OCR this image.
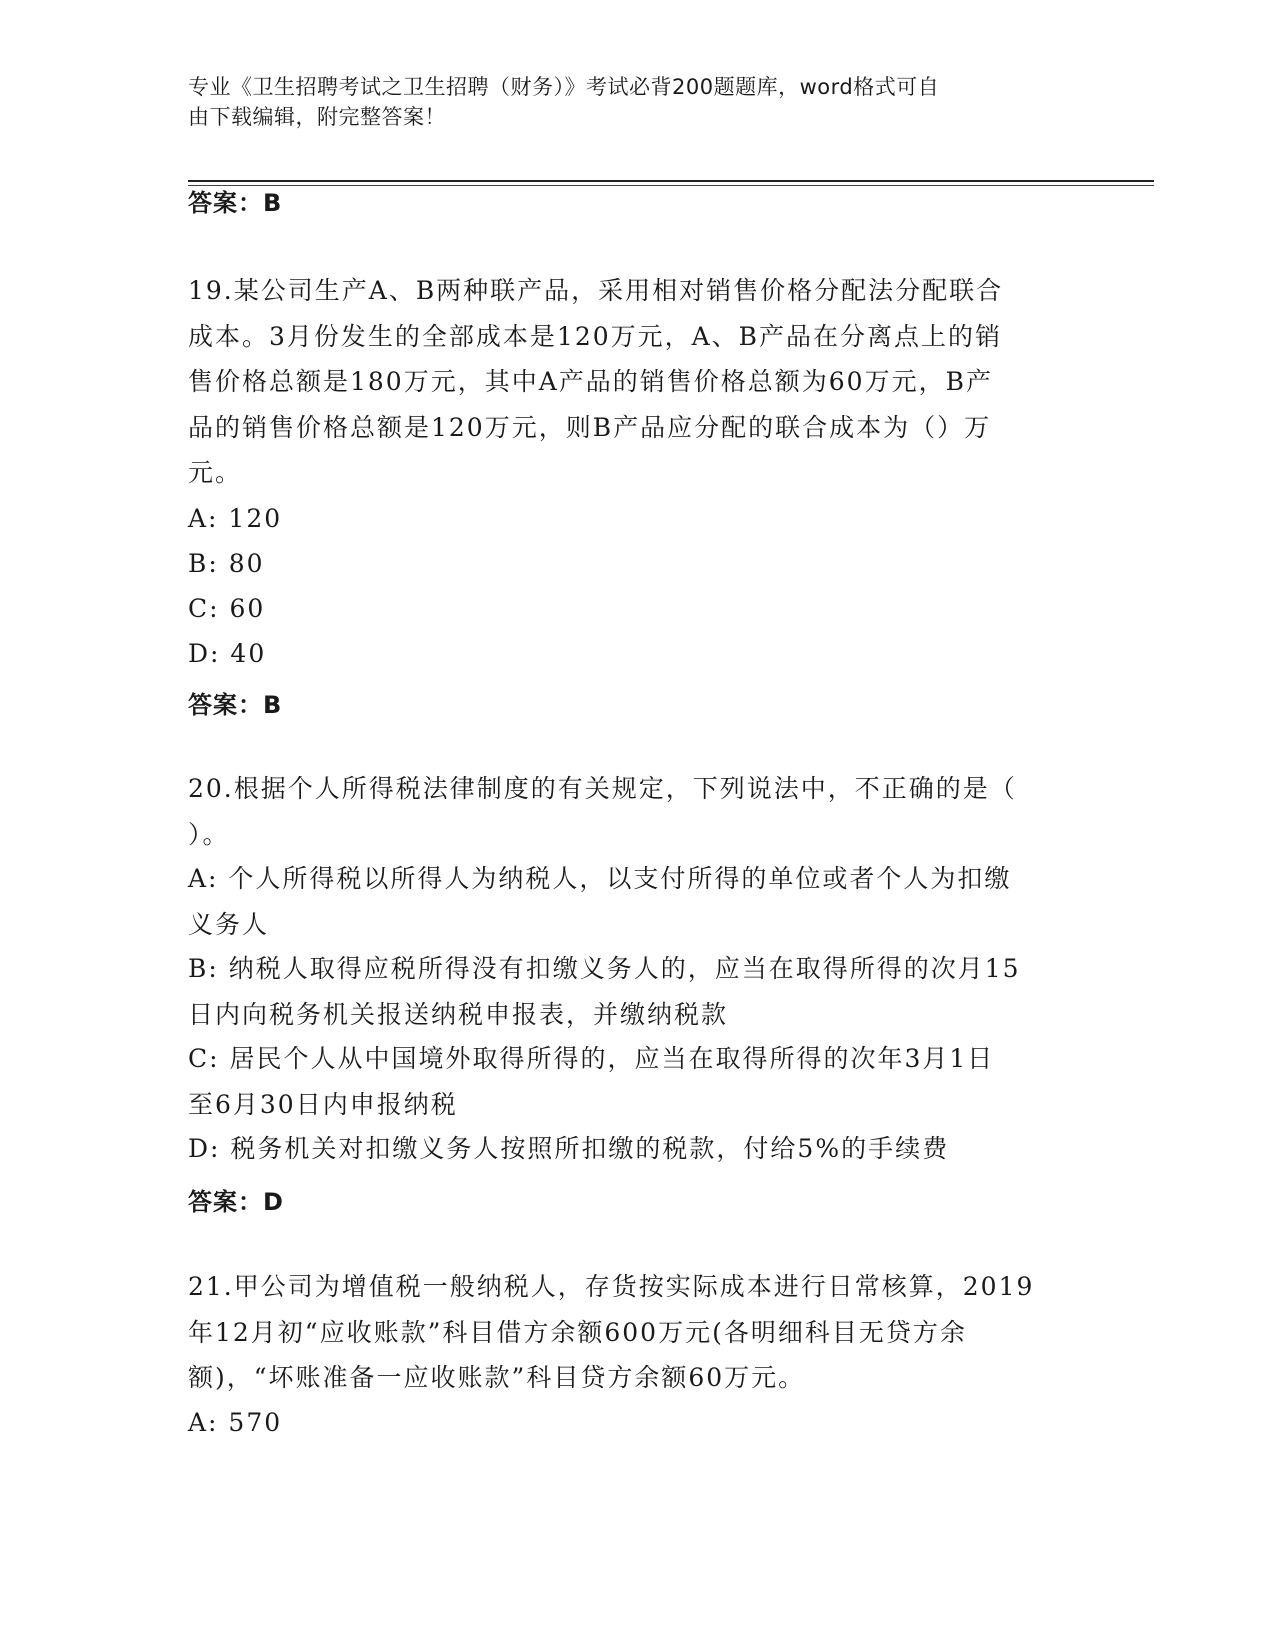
专业《卫生招聘考试之卫生招聘（财务）》考试必背200题题库，word格式可自
由下载编辑，附完整答案！
答案：B
19.某公司生产A、B两种联产品，采用相对销售价格分配法分配联合
成本。3月份发生的全部成本是120万元，A、B产品在分离点上的销
售价格总额是180万元，其中A产品的销售价格总额为60万元，B产
品的销售价格总额是120万元，则B产品应分配的联合成本为（）万
元。
A: 120
B: 80
C: 60
D: 40
答案：B
20.根据个人所得税法律制度的有关规定，下列说法中，不正确的是（
）。
A: 个人所得税以所得人为纳税人，以支付所得的单位或者个人为扣缴
义务人
B: 纳税人取得应税所得没有扣缴义务人的，应当在取得所得的次月15
日内向税务机关报送纳税申报表，并缴纳税款
C: 居民个人从中国境外取得所得的，应当在取得所得的次年3月1日
至6月30日内申报纳税
D: 税务机关对扣缴义务人按照所扣缴的税款，付给5%的手续费
答案：D
21.甲公司为增值税一般纳税人，存货按实际成本进行日常核算，2019
年12月初“应收账款”科目借方余额600万元(各明细科目无贷方余
额)，“坏账准备一应收账款”科目贷方余额60万元。
A: 570
